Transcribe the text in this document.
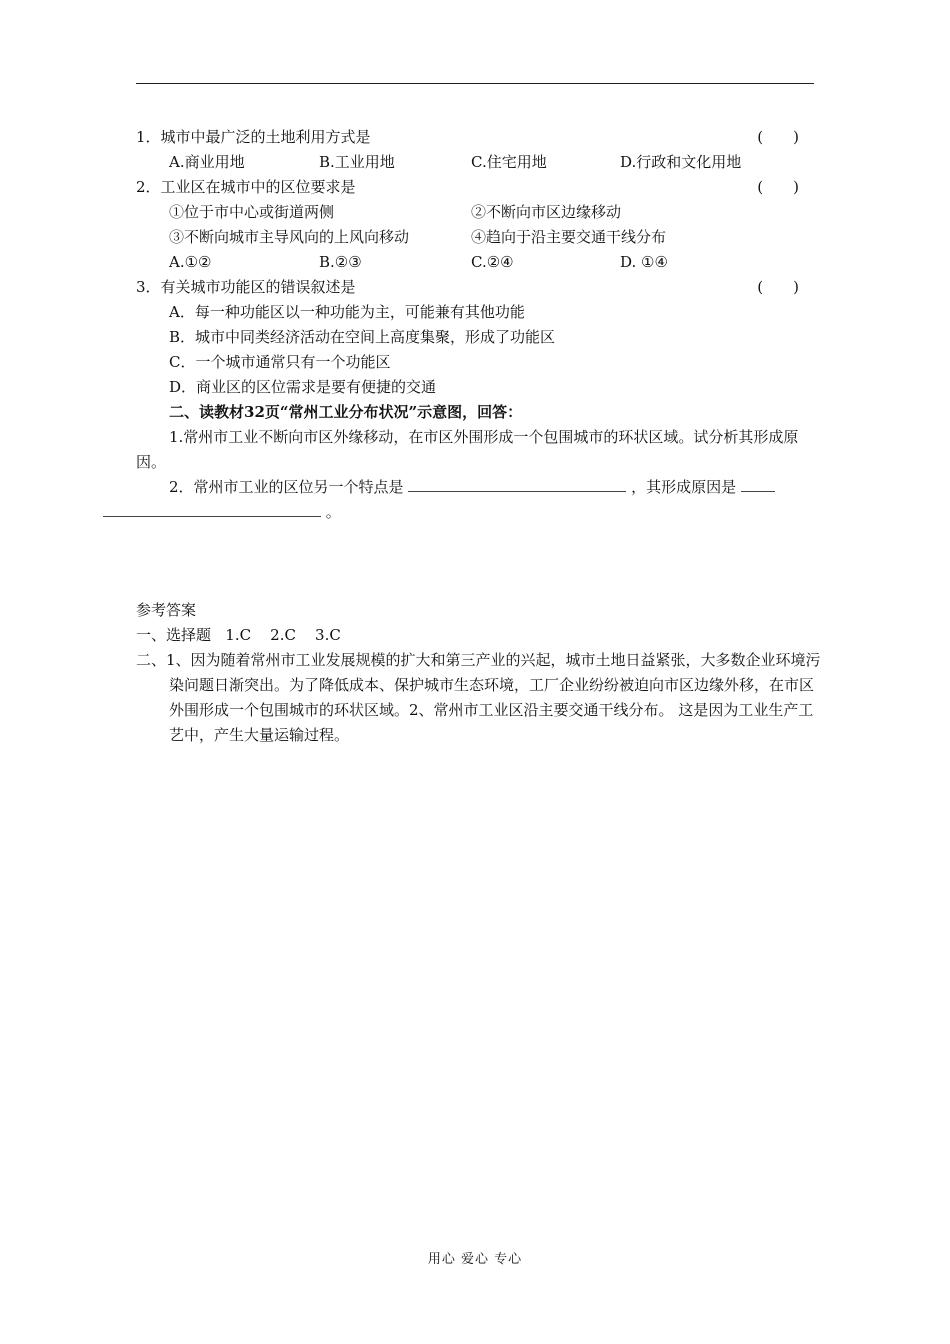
1．城市中最广泛的土地利用方式是	(　　)
A.商业用地	B.工业用地	C.住宅用地	D.行政和文化用地
2．工业区在城市中的区位要求是	(　　)
①位于市中心或街道两侧	②不断向市区边缘移动
③不断向城市主导风向的上风向移动	④趋向于沿主要交通干线分布
A.①②	B.②③	C.②④	D. ①④
3．有关城市功能区的错误叙述是	(　　)
A．每一种功能区以一种功能为主，可能兼有其他功能
B．城市中同类经济活动在空间上高度集聚，形成了功能区
C．一个城市通常只有一个功能区
D．商业区的区位需求是要有便捷的交通
二、读教材32页“常州工业分布状况”示意图，回答：
1.常州市工业不断向市区外缘移动，在市区外围形成一个包围城市的环状区域。试分析其形成原因。
2．常州市工业的区位另一个特点是	，其形成原因是
。
参考答案
一、选择题   1.C    2.C    3.C
二、1、因为随着常州市工业发展规模的扩大和第三产业的兴起，城市土地日益紧张，大多数企业环境污染问题日渐突出。为了降低成本、保护城市生态环境，工厂企业纷纷被迫向市区边缘外移，在市区外围形成一个包围城市的环状区域。2、常州市工业区沿主要交通干线分布。 这是因为工业生产工艺中，产生大量运输过程。
用心 爱心 专心
